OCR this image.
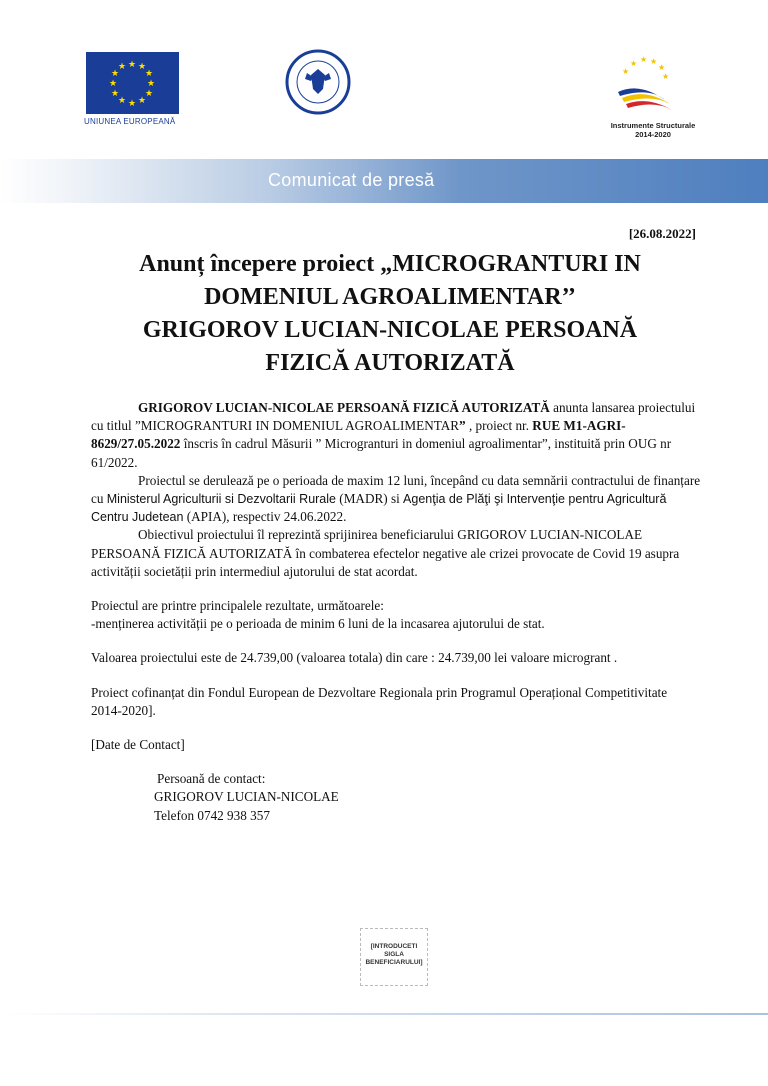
★ ★
★
★
★
★
★
★
★
★
★
★
UNIUNEA EUROPEANĂ
★ ★ ★
★
★
★
Instrumente Structurale
2014-2020
Comunicat de presă
[26.08.2022]
Anunț începere proiect „MICROGRANTURI IN
DOMENIUL AGROALIMENTAR’’
GRIGOROV LUCIAN-NICOLAE PERSOANĂ
FIZICĂ AUTORIZATĂ

GRIGOROV LUCIAN-NICOLAE PERSOANĂ FIZICĂ AUTORIZATĂ anunta lansarea proiectului cu titlul ”MICROGRANTURI IN DOMENIUL AGROALIMENTAR” , proiect nr. RUE M1-AGRI-8629/27.05.2022 înscris în cadrul Măsurii ” Microgranturi in domeniul agroalimentar”, instituită prin OUG nr 61/2022.

Proiectul se derulează pe o perioada de maxim 12 luni, începând cu data semnării contractului de finanțare cu Ministerul Agriculturii si Dezvoltarii Rurale (MADR) si Agenţia de Plăţi şi Intervenţie pentru Agricultură Centru Judetean (APIA), respectiv 24.06.2022.

Obiectivul proiectului îl reprezintă sprijinirea beneficiarului GRIGOROV LUCIAN-NICOLAE PERSOANĂ FIZICĂ AUTORIZATĂ în combaterea efectelor negative ale crizei provocate de Covid 19 asupra activității societății prin intermediul ajutorului de stat acordat.

Proiectul are printre principalele rezultate, următoarele:

-menținerea activității pe o perioada de minim 6 luni de la incasarea ajutorului de stat.

Valoarea proiectului este de 24.739,00 (valoarea totala) din care : 24.739,00 lei valoare microgrant .

Proiect cofinanțat din Fondul European de Dezvoltare Regionala prin Programul Operațional Competitivitate 2014-2020].

[Date de Contact]

Persoană de contact:

GRIGOROV LUCIAN-NICOLAE

Telefon 0742 938 357

[INTRODUCETI
SIGLA
BENEFICIARULUI]
